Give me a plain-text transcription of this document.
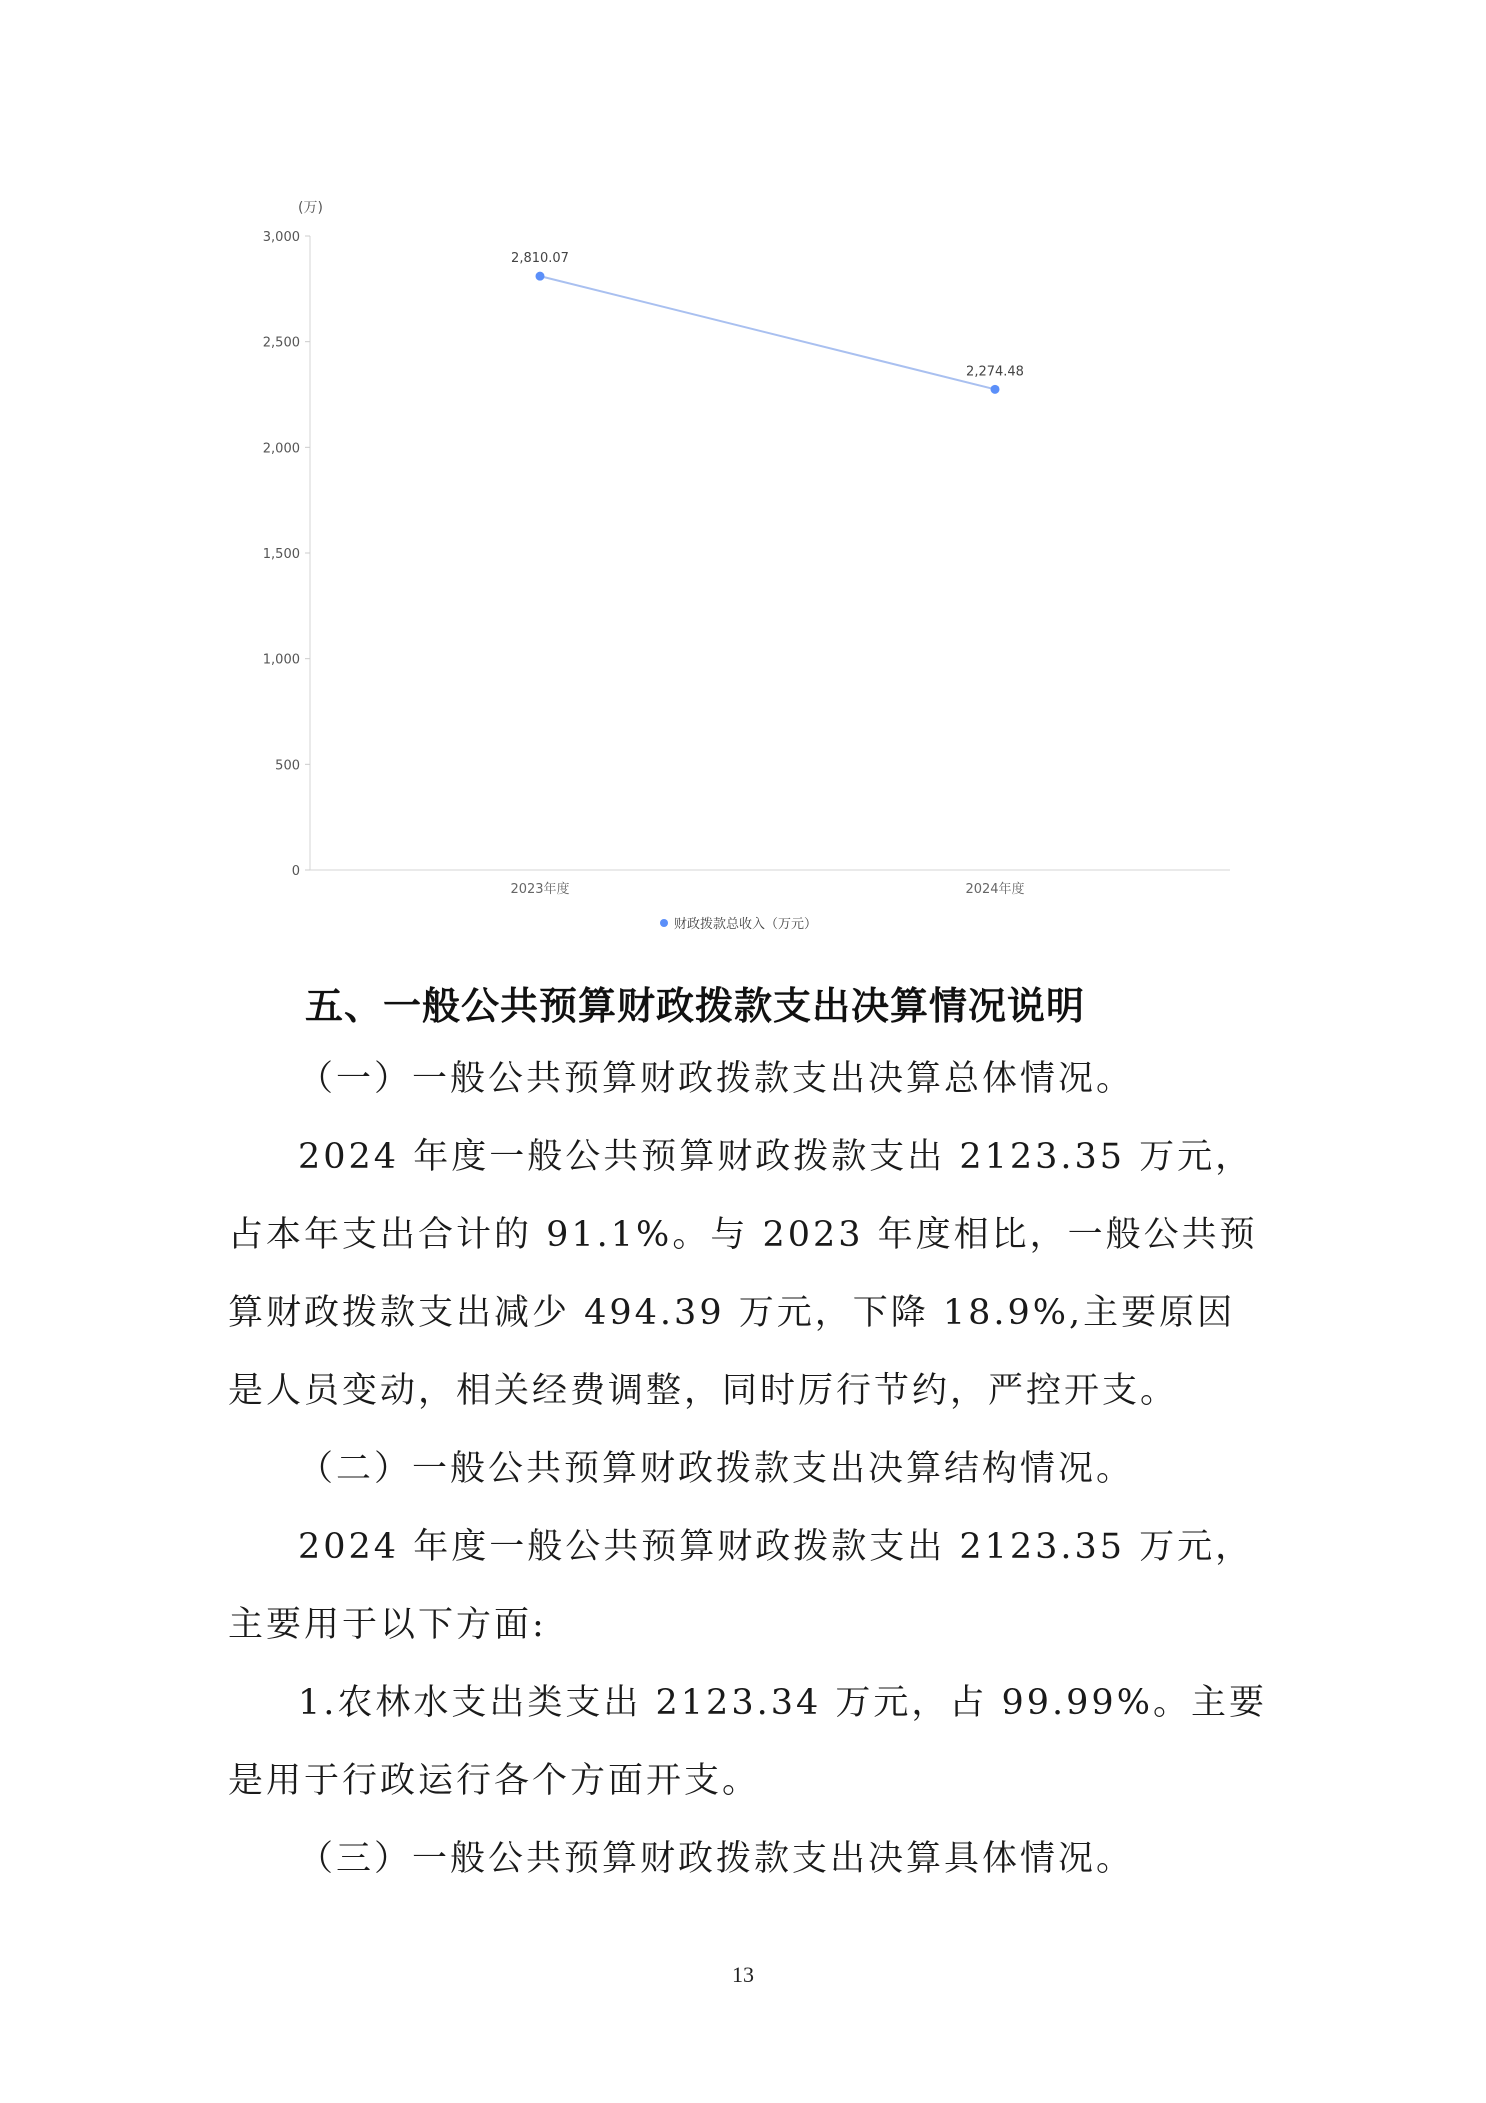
(万)
0
500
1,000
1,500
2,000
2,500
3,000
2023年度	2024年度
2,810.07
2,274.48
财政拨款总收入（万元）
五、一般公共预算财政拨款支出决算情况说明

（一）一般公共预算财政拨款支出决算总体情况。

2024 年度一般公共预算财政拨款支出 2123.35 万元，占本年支出合计的 91.1%。与 2023 年度相比，一般公共预算财政拨款支出减少 494.39 万元，下降 18.9%,主要原因是人员变动，相关经费调整，同时厉行节约，严控开支。

（二）一般公共预算财政拨款支出决算结构情况。

2024 年度一般公共预算财政拨款支出 2123.35 万元，主要用于以下方面:

1.农林水支出类支出 2123.34 万元，占 99.99%。主要是用于行政运行各个方面开支。

（三）一般公共预算财政拨款支出决算具体情况。

13
